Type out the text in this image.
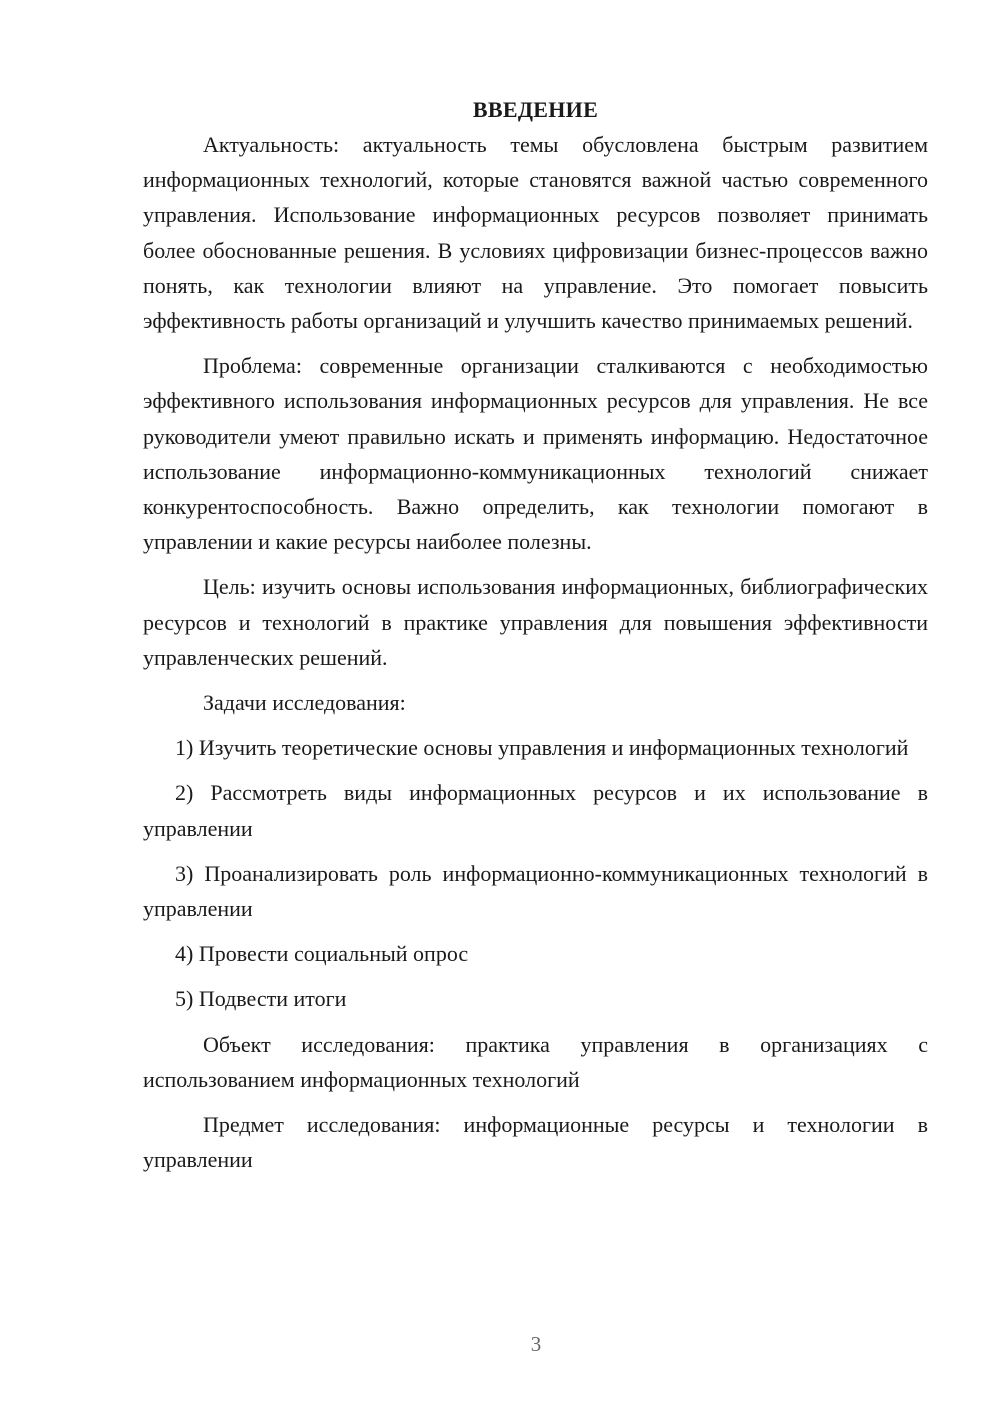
ВВЕДЕНИЕ

Актуальность: актуальность темы обусловлена быстрым развитием информационных технологий, которые становятся важной частью современного управления. Использование информационных ресурсов позволяет принимать более обоснованные решения. В условиях цифровизации бизнес-процессов важно понять, как технологии влияют на управление. Это помогает повысить эффективность работы организаций и улучшить качество принимаемых решений.

Проблема: современные организации сталкиваются с необходимостью эффективного использования информационных ресурсов для управления. Не все руководители умеют правильно искать и применять информацию. Недостаточное использование информационно-коммуникационных технологий снижает конкурентоспособность. Важно определить, как технологии помогают в управлении и какие ресурсы наиболее полезны.

Цель: изучить основы использования информационных, библиографических ресурсов и технологий в практике управления для повышения эффективности управленческих решений.

Задачи исследования:

1) Изучить теоретические основы управления и информационных технологий

2) Рассмотреть виды информационных ресурсов и их использование в управлении

3) Проанализировать роль информационно-коммуникационных технологий в управлении

4) Провести социальный опрос

5) Подвести итоги

Объект исследования: практика управления в организациях с использованием информационных технологий

Предмет исследования: информационные ресурсы и технологии в управлении

3
